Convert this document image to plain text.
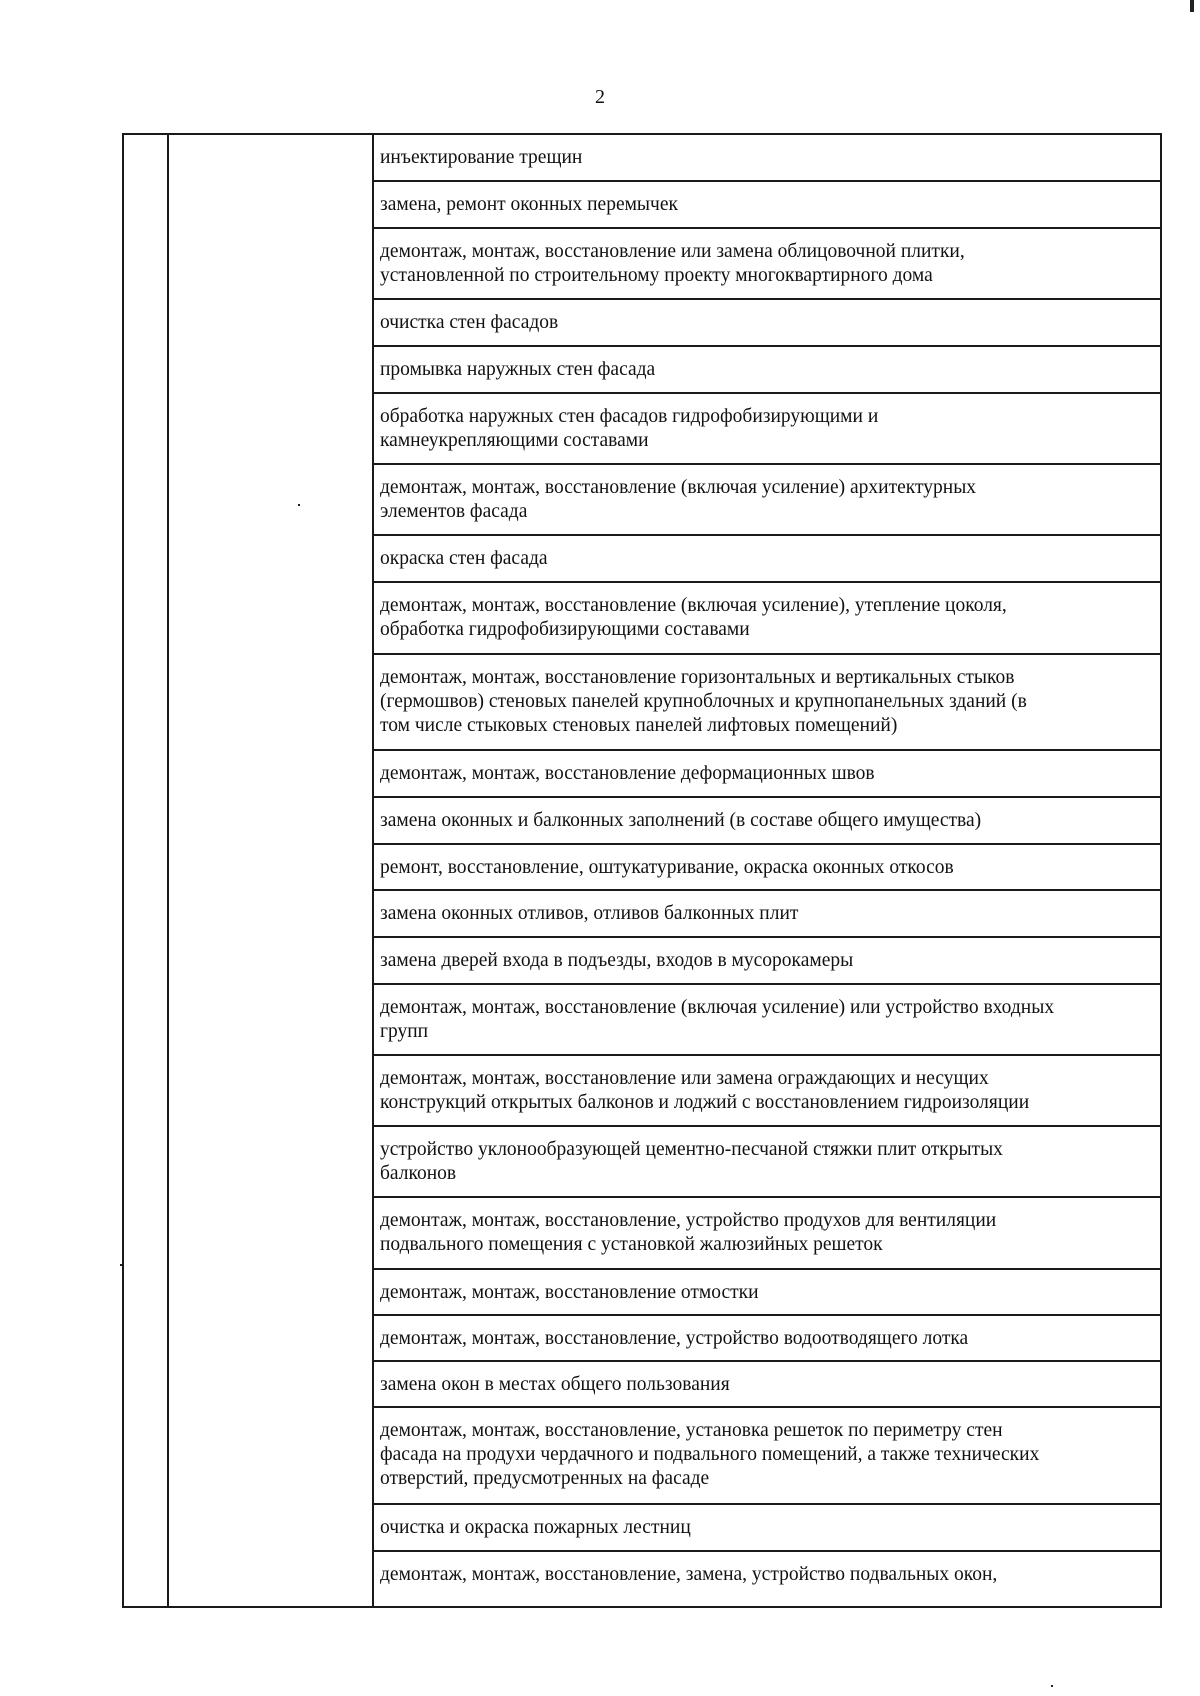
2
инъектирование трещин
замена, ремонт оконных перемычек
демонтаж, монтаж, восстановление или замена облицовочной плитки,
установленной по строительному проекту многоквартирного дома
очистка стен фасадов
промывка наружных стен фасада
обработка наружных стен фасадов гидрофобизирующими и
камнеукрепляющими составами
демонтаж, монтаж, восстановление (включая усиление) архитектурных
элементов фасада
окраска стен фасада
демонтаж, монтаж, восстановление (включая усиление), утепление цоколя,
обработка гидрофобизирующими составами
демонтаж, монтаж, восстановление горизонтальных и вертикальных стыков
(гермошвов) стеновых панелей крупноблочных и крупнопанельных зданий (в
том числе стыковых стеновых панелей лифтовых помещений)
демонтаж, монтаж, восстановление деформационных швов
замена оконных и балконных заполнений (в составе общего имущества)
ремонт, восстановление, оштукатуривание, окраска оконных откосов
замена оконных отливов, отливов балконных плит
замена дверей входа в подъезды, входов в мусорокамеры
демонтаж, монтаж, восстановление (включая усиление) или устройство входных
групп
демонтаж, монтаж, восстановление или замена ограждающих и несущих
конструкций открытых балконов и лоджий с восстановлением гидроизоляции
устройство уклонообразующей цементно-песчаной стяжки плит открытых
балконов
демонтаж, монтаж, восстановление, устройство продухов для вентиляции
подвального помещения с установкой жалюзийных решеток
демонтаж, монтаж, восстановление отмостки
демонтаж, монтаж, восстановление, устройство водоотводящего лотка
замена окон в местах общего пользования
демонтаж, монтаж, восстановление, установка решеток по периметру стен
фасада на продухи чердачного и подвального помещений, а также технических
отверстий, предусмотренных на фасаде
очистка и окраска пожарных лестниц
демонтаж, монтаж, восстановление, замена, устройство подвальных окон,
